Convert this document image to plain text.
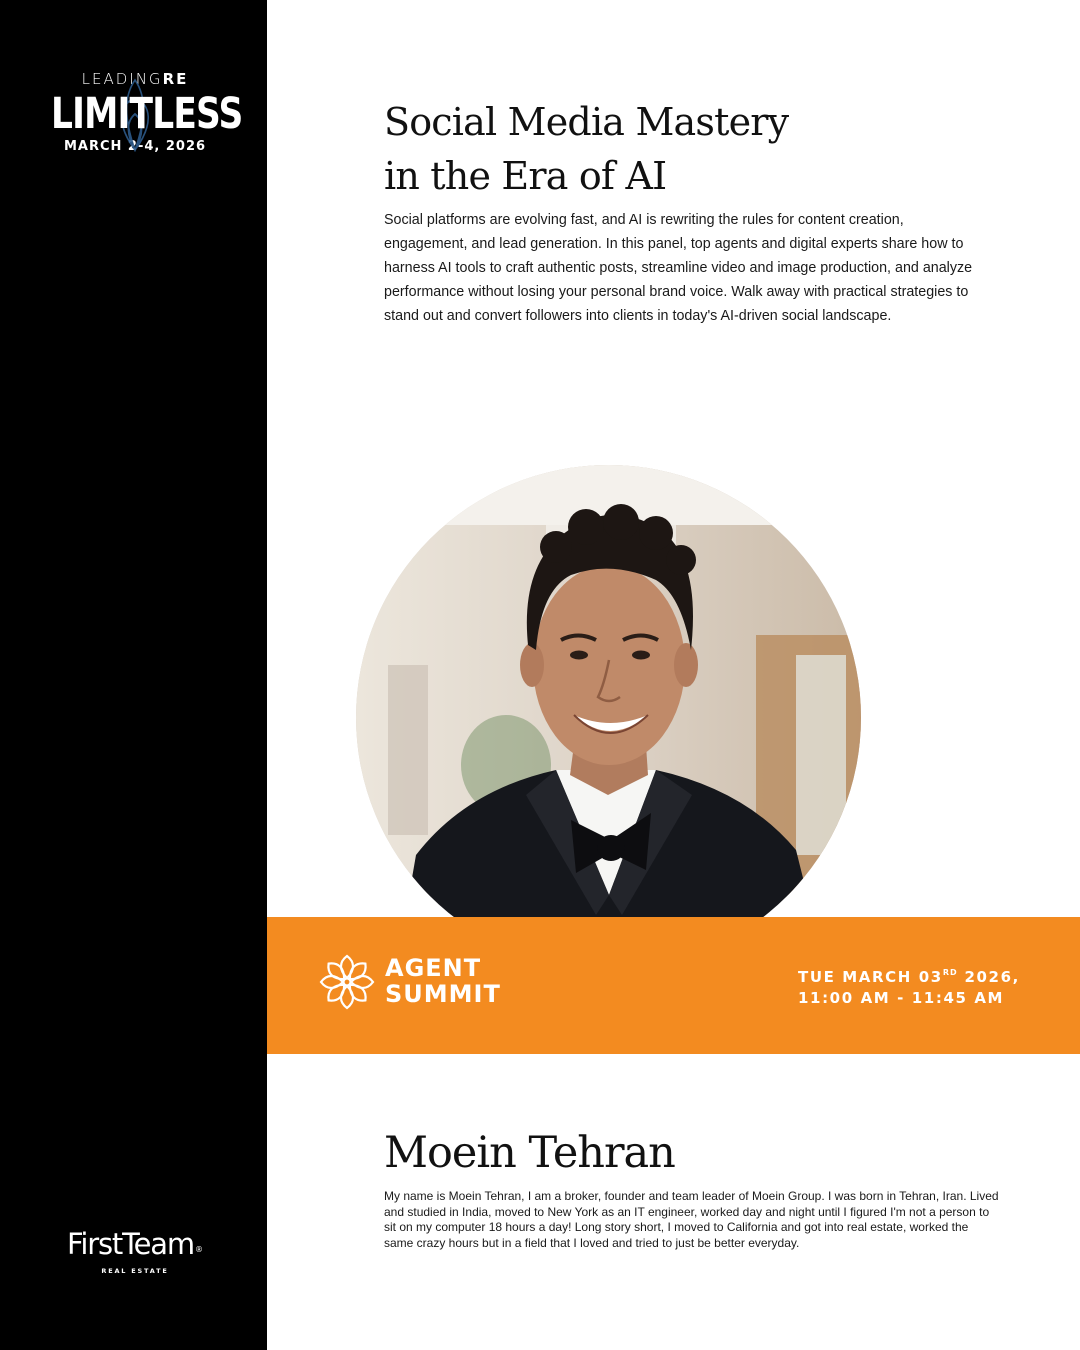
LEADINGRE
LIMITLESS
MARCH 2-4, 2026
FirstTeam®
REAL ESTATE
Social Media Mastery
in the Era of AI

Social platforms are evolving fast, and AI is rewriting the rules for content creation, engagement, and lead generation. In this panel, top agents and digital experts share how to harness AI tools to craft authentic posts, streamline video and image production, and analyze performance without losing your personal brand voice. Walk away with practical strategies to stand out and convert followers into clients in today's AI-driven social landscape.

AGENT
SUMMIT
TUE MARCH 03RD 2026,
11:00 AM - 11:45 AM
Moein Tehran

My name is Moein Tehran, I am a broker, founder and team leader of Moein Group. I was born in Tehran, Iran. Lived and studied in India, moved to New York as an IT engineer, worked day and night until I figured I'm not a person to sit on my computer 18 hours a day! Long story short, I moved to California and got into real estate, worked the same crazy hours but in a field that I loved and tried to just be better everyday.
